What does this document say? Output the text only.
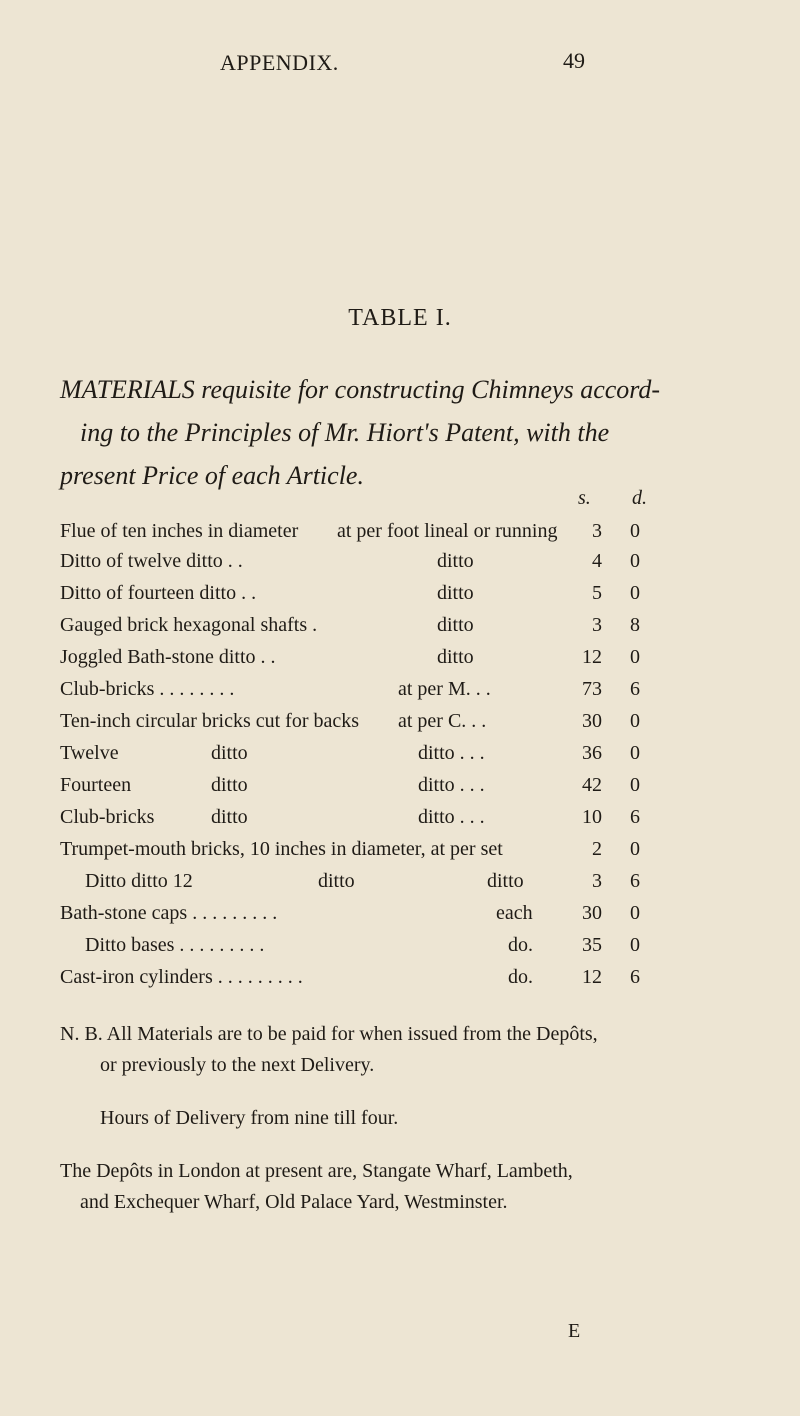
APPENDIX.	49
TABLE I.
MATERIALS requisite for constructing Chimneys accord-
ing to the Principles of Mr. Hiort's Patent, with the
present Price of each Article.
s. d.
Flue of ten inches in diameter at per foot lineal or running	3 0
Ditto of twelve ditto . .	ditto	4 0
Ditto of fourteen ditto . .	ditto	5 0
Gauged brick hexagonal shafts .	ditto	3 8
Joggled Bath-stone ditto . .	ditto	12 0
Club-bricks . . . . . . . .	at per M. . .	73 6
Ten-inch circular bricks cut for backs at per C. . .	30 0
Twelve	ditto	ditto . . .	36 0
Fourteen	ditto	ditto . . .	42 0
Club-bricks	ditto	ditto . . .	10 6
Trumpet-mouth bricks, 10 inches in diameter, at per set	2 0
Ditto ditto 12	ditto	ditto	3 6
Bath-stone caps . . . . . . . . .	each	30 0
Ditto bases . . . . . . . . .	do.	35 0
Cast-iron cylinders . . . . . . . . .	do.	12 6
N. B. All Materials are to be paid for when issued from the Depôts,
or previously to the next Delivery.
Hours of Delivery from nine till four.
The Depôts in London at present are, Stangate Wharf, Lambeth,
and Exchequer Wharf, Old Palace Yard, Westminster.
E
